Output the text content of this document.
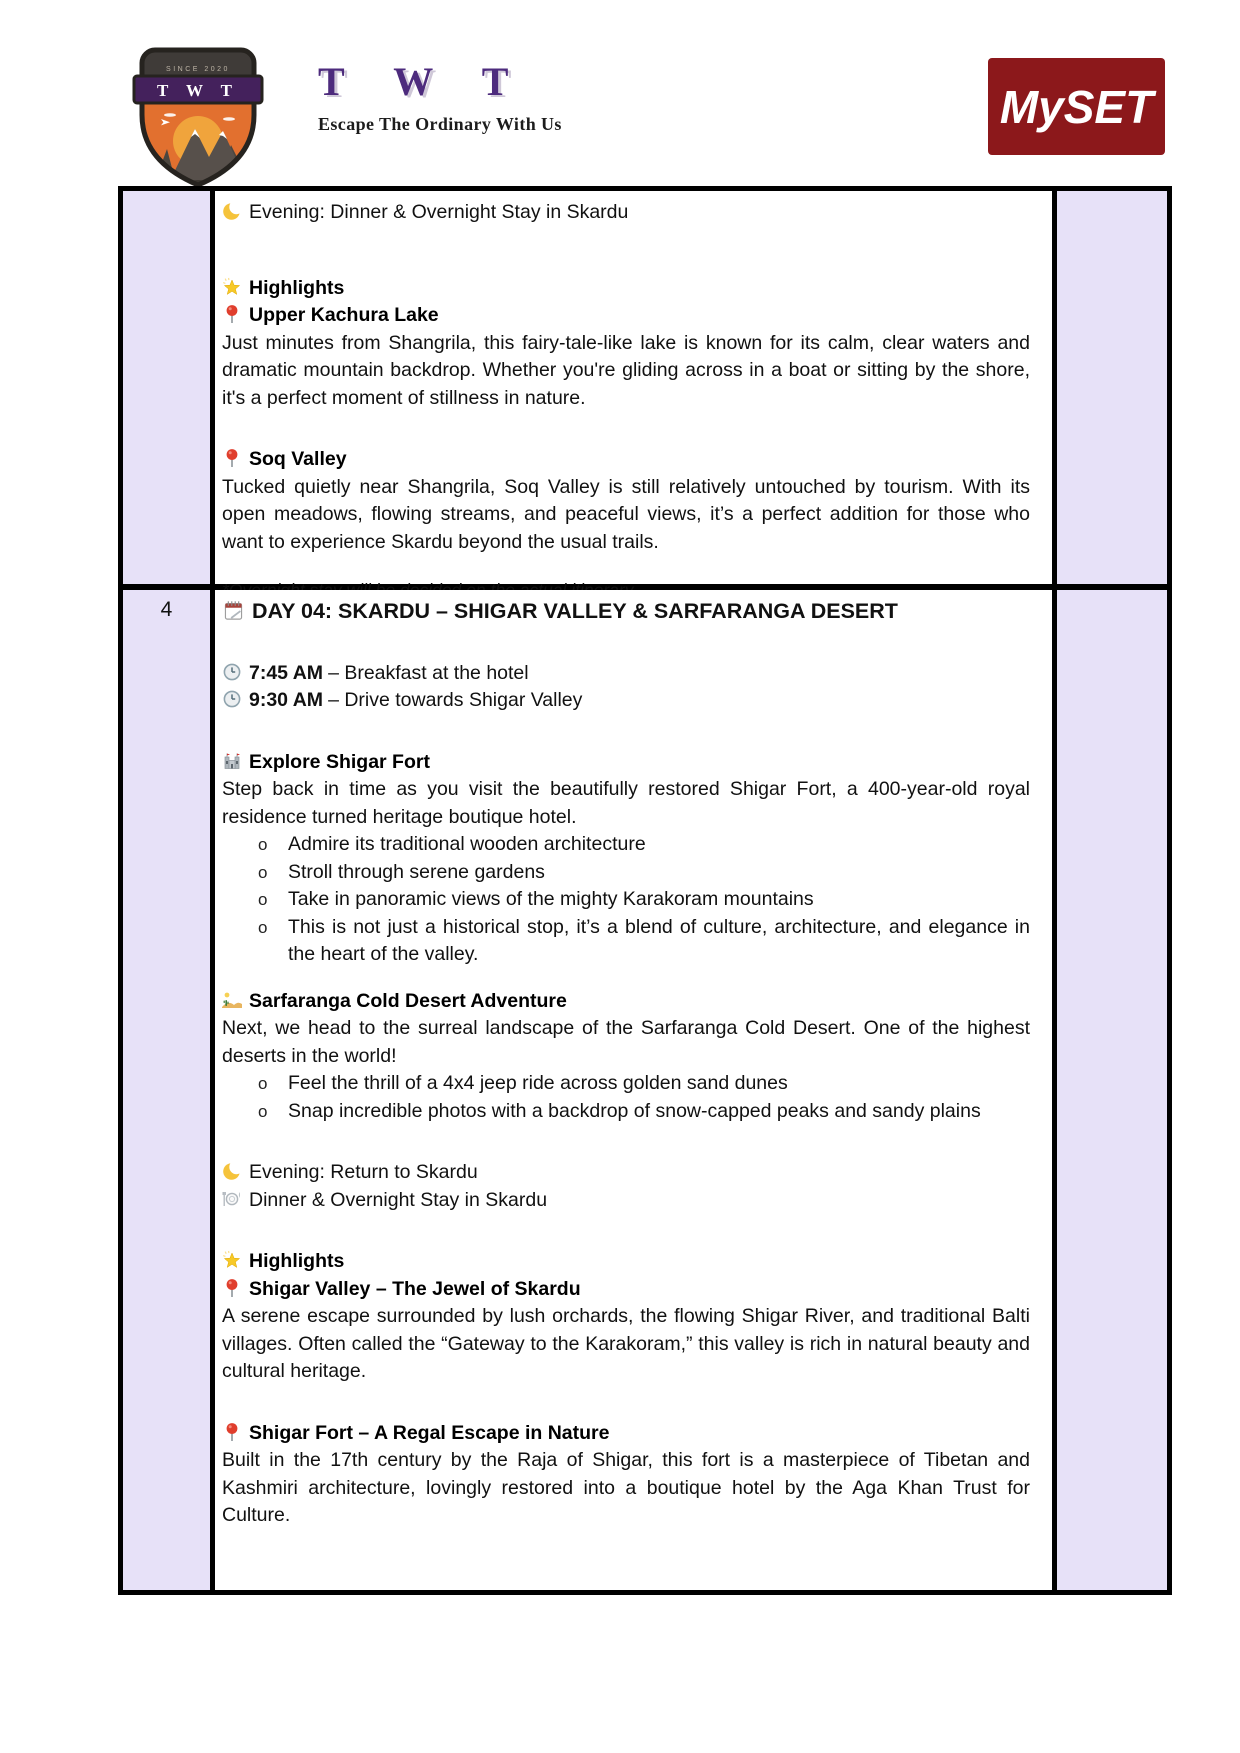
SINCE 2020
T W T T W T
Escape The Ordinary With Us	MySET

Evening: Dinner & Overnight Stay in Skardu

Highlights

Upper Kachura Lake

Just minutes from Shangrila, this fairy-tale-like lake is known for its calm, clear waters and dramatic mountain backdrop. Whether you're gliding across in a boat or sitting by the shore, it's a perfect moment of stillness in nature.

Soq Valley

Tucked quietly near Shangrila, Soq Valley is still relatively untouched by tourism. With its open meadows, flowing streams, and peaceful views, it’s a perfect addition for those who want to experience Skardu beyond the usual trails.

4	DAY 04: SKARDU – SHIGAR VALLEY & SARFARANGA DESERT

7:45 AM – Breakfast at the hotel

9:30 AM – Drive towards Shigar Valley

Explore Shigar Fort

Step back in time as you visit the beautifully restored Shigar Fort, a 400-year-old royal residence turned heritage boutique hotel.

o Admire its traditional wooden architecture
o Stroll through serene gardens
o Take in panoramic views of the mighty Karakoram mountains
o This is not just a historical stop, it’s a blend of culture, architecture, and elegance in the heart of the valley.

Sarfaranga Cold Desert Adventure

Next, we head to the surreal landscape of the Sarfaranga Cold Desert. One of the highest deserts in the world!

o Feel the thrill of a 4x4 jeep ride across golden sand dunes
o Snap incredible photos with a backdrop of snow-capped peaks and sandy plains

Evening: Return to Skardu

Dinner & Overnight Stay in Skardu

Highlights

Shigar Valley – The Jewel of Skardu

A serene escape surrounded by lush orchards, the flowing Shigar River, and traditional Balti villages. Often called the “Gateway to the Karakoram,” this valley is rich in natural beauty and cultural heritage.

Shigar Fort – A Regal Escape in Nature

Built in the 17th century by the Raja of Shigar, this fort is a masterpiece of Tibetan and Kashmiri architecture, lovingly restored into a boutique hotel by the Aga Khan Trust for Culture.
